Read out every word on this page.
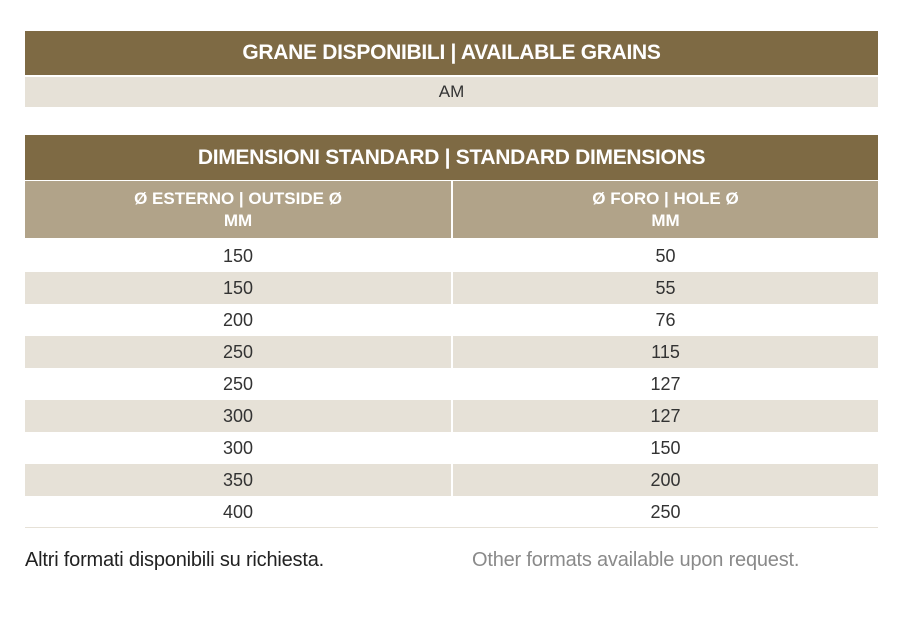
GRANE DISPONIBILI | AVAILABLE GRAINS
AM
DIMENSIONI STANDARD | STANDARD DIMENSIONS
Ø ESTERNO | OUTSIDE Ø
MM
Ø FORO | HOLE Ø
MM
150	50
150	55
200	76
250	115
250	127
300	127
300	150
350	200
400	250
Altri formati disponibili su richiesta.	Other formats available upon request.
